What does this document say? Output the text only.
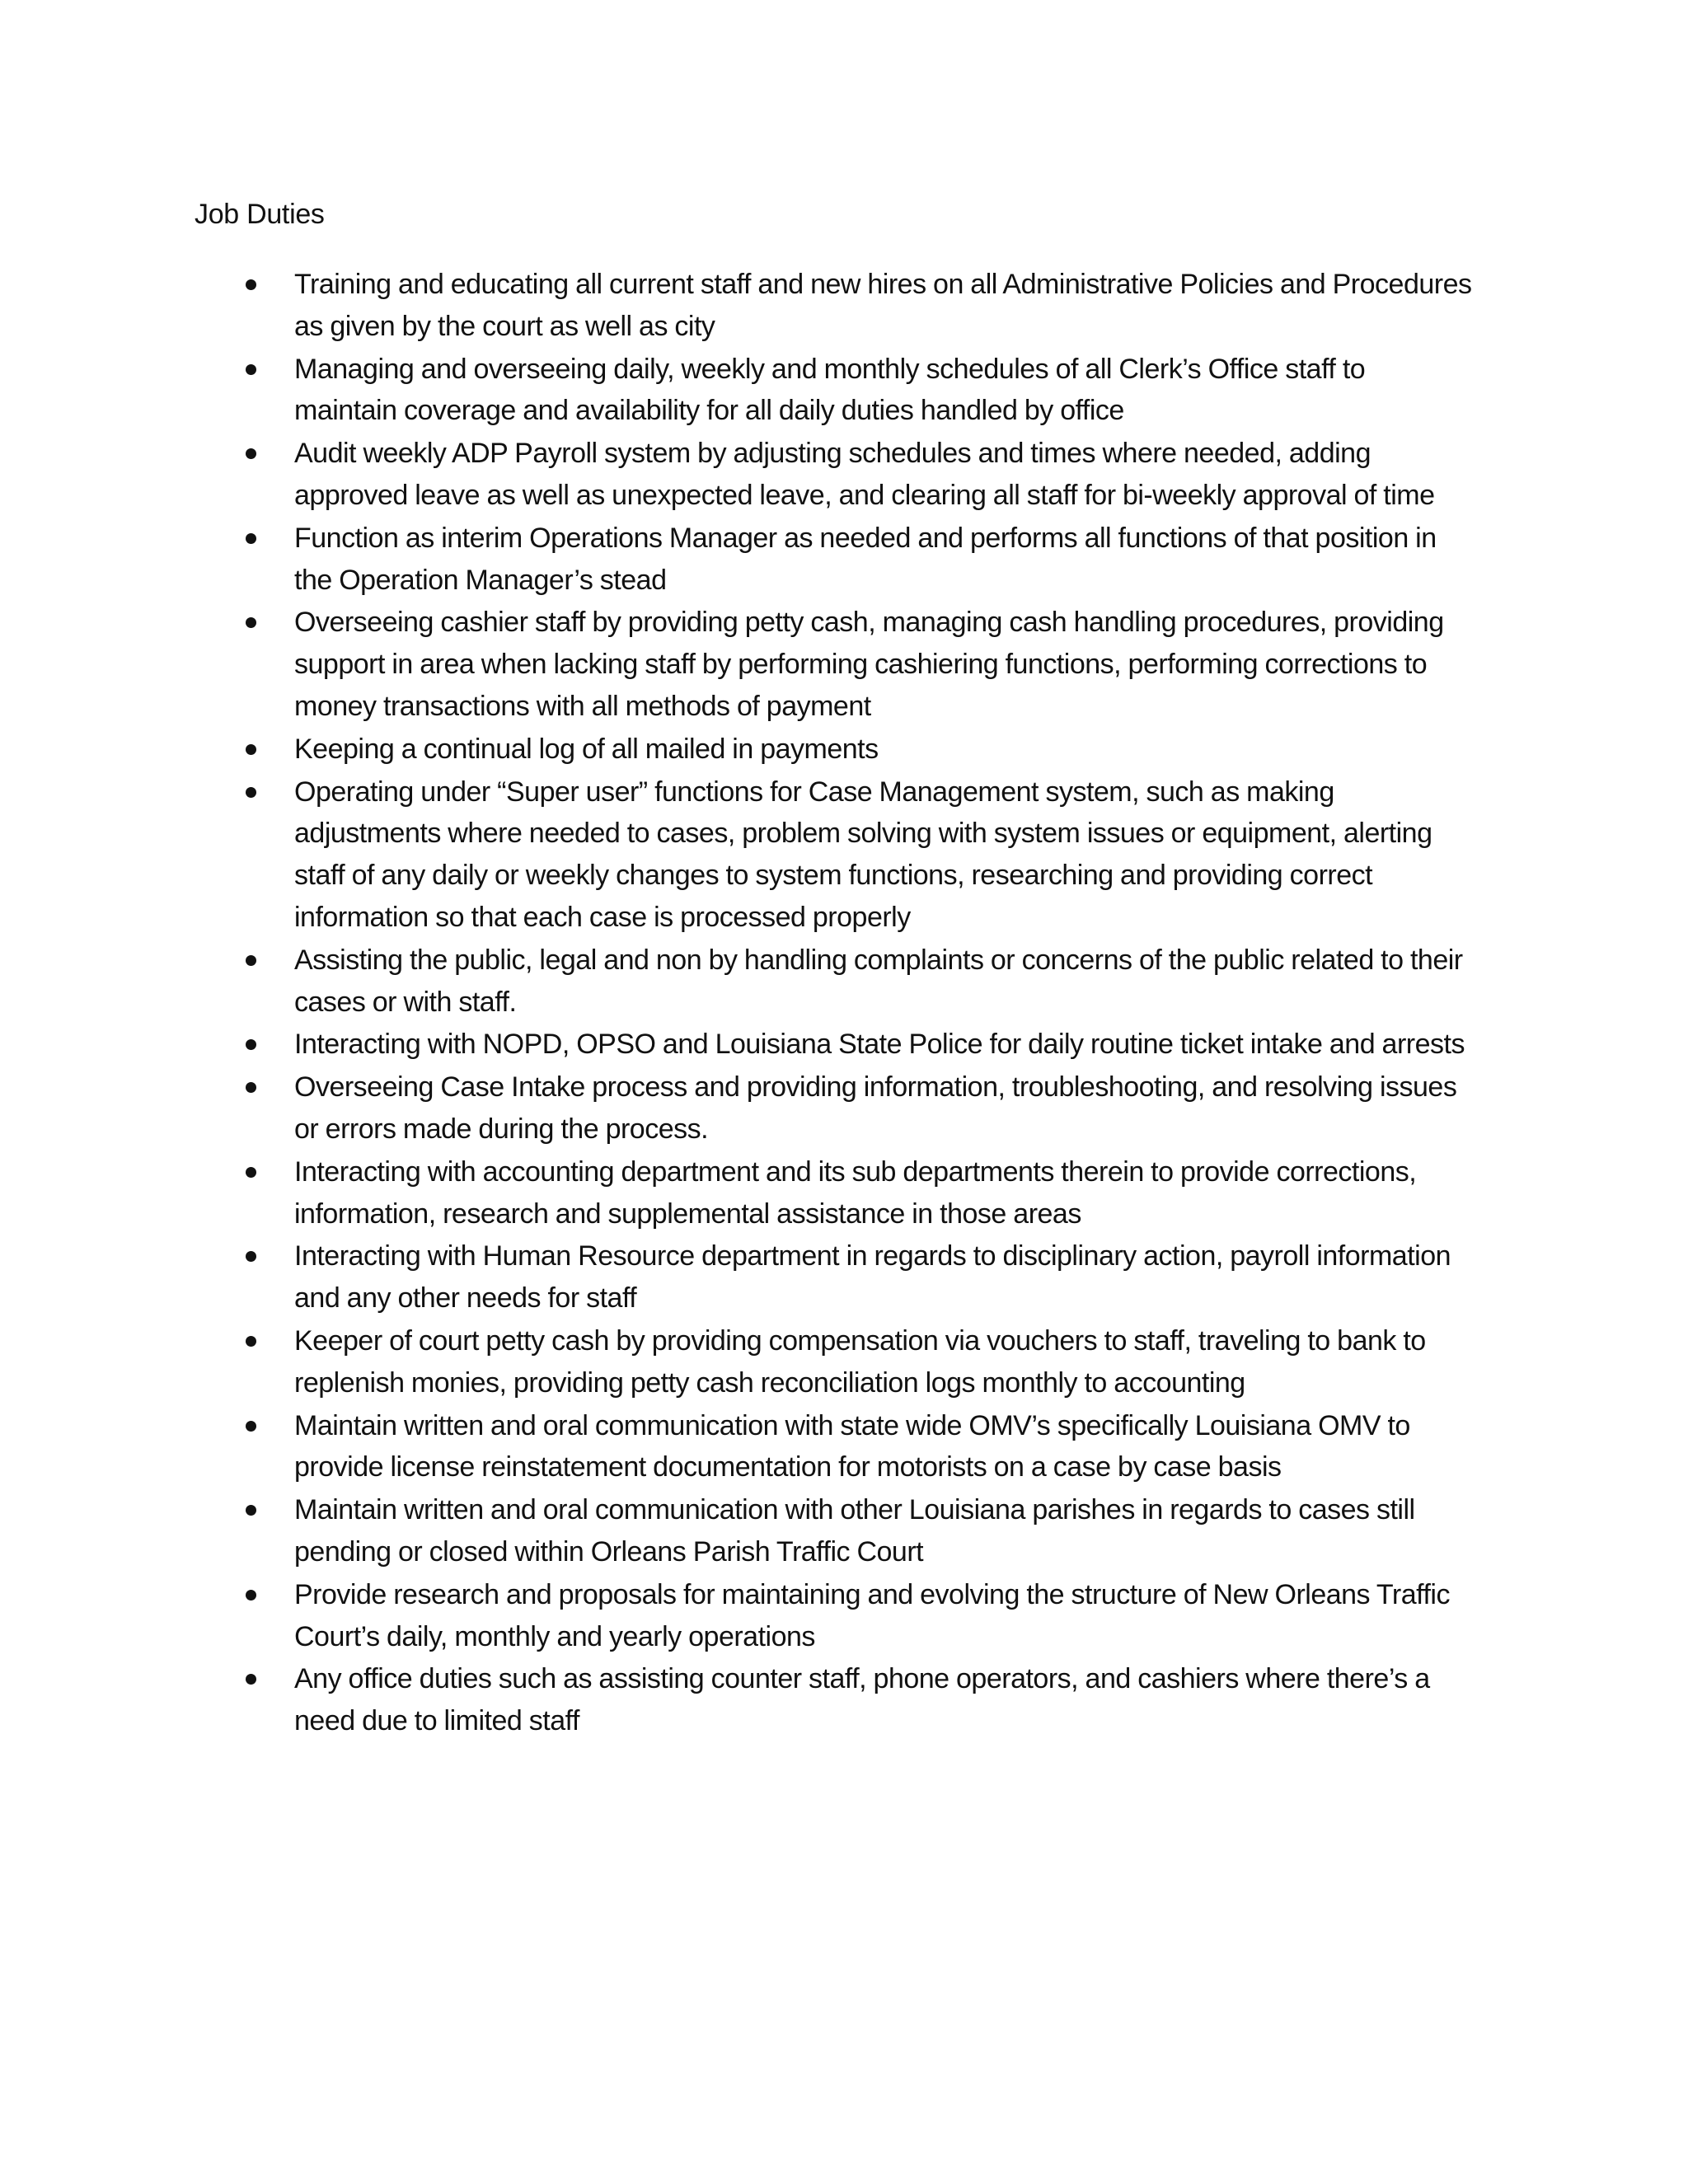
Job Duties
Training and educating all current staff and new hires on all Administrative Policies and Procedures as given by the court as well as city
Managing and overseeing daily, weekly and monthly schedules of all Clerk’s Office staff to maintain coverage and availability for all daily duties handled by office
Audit weekly ADP Payroll system by adjusting schedules and times where needed, adding approved leave as well as unexpected leave, and clearing all staff for bi-weekly approval of time
Function as interim Operations Manager as needed and performs all functions of that position in the Operation Manager’s stead
Overseeing cashier staff by providing petty cash, managing cash handling procedures, providing support in area when lacking staff by performing cashiering functions, performing corrections to money transactions with all methods of payment
Keeping a continual log of all mailed in payments
Operating under “Super user” functions for Case Management system, such as making adjustments where needed to cases, problem solving with system issues or equipment, alerting staff of any daily or weekly changes to system functions, researching and providing correct information so that each case is processed properly
Assisting the public, legal and non by handling complaints or concerns of the public related to their cases or with staff.
Interacting with NOPD, OPSO and Louisiana State Police for daily routine ticket intake and arrests
Overseeing Case Intake process and providing information, troubleshooting, and resolving issues or errors made during the process.
Interacting with accounting department and its sub departments therein to provide corrections, information, research and supplemental assistance in those areas
Interacting with Human Resource department in regards to disciplinary action, payroll information and any other needs for staff
Keeper of court petty cash by providing compensation via vouchers to staff, traveling to bank to replenish monies, providing petty cash reconciliation logs monthly to accounting
Maintain written and oral communication with state wide OMV’s specifically Louisiana OMV to provide license reinstatement documentation for motorists on a case by case basis
Maintain written and oral communication with other Louisiana parishes in regards to cases still pending or closed within Orleans Parish Traffic Court
Provide research and proposals for maintaining and evolving the structure of New Orleans Traffic Court’s daily, monthly and yearly operations
Any office duties such as assisting counter staff, phone operators, and cashiers where there’s a need due to limited staff
